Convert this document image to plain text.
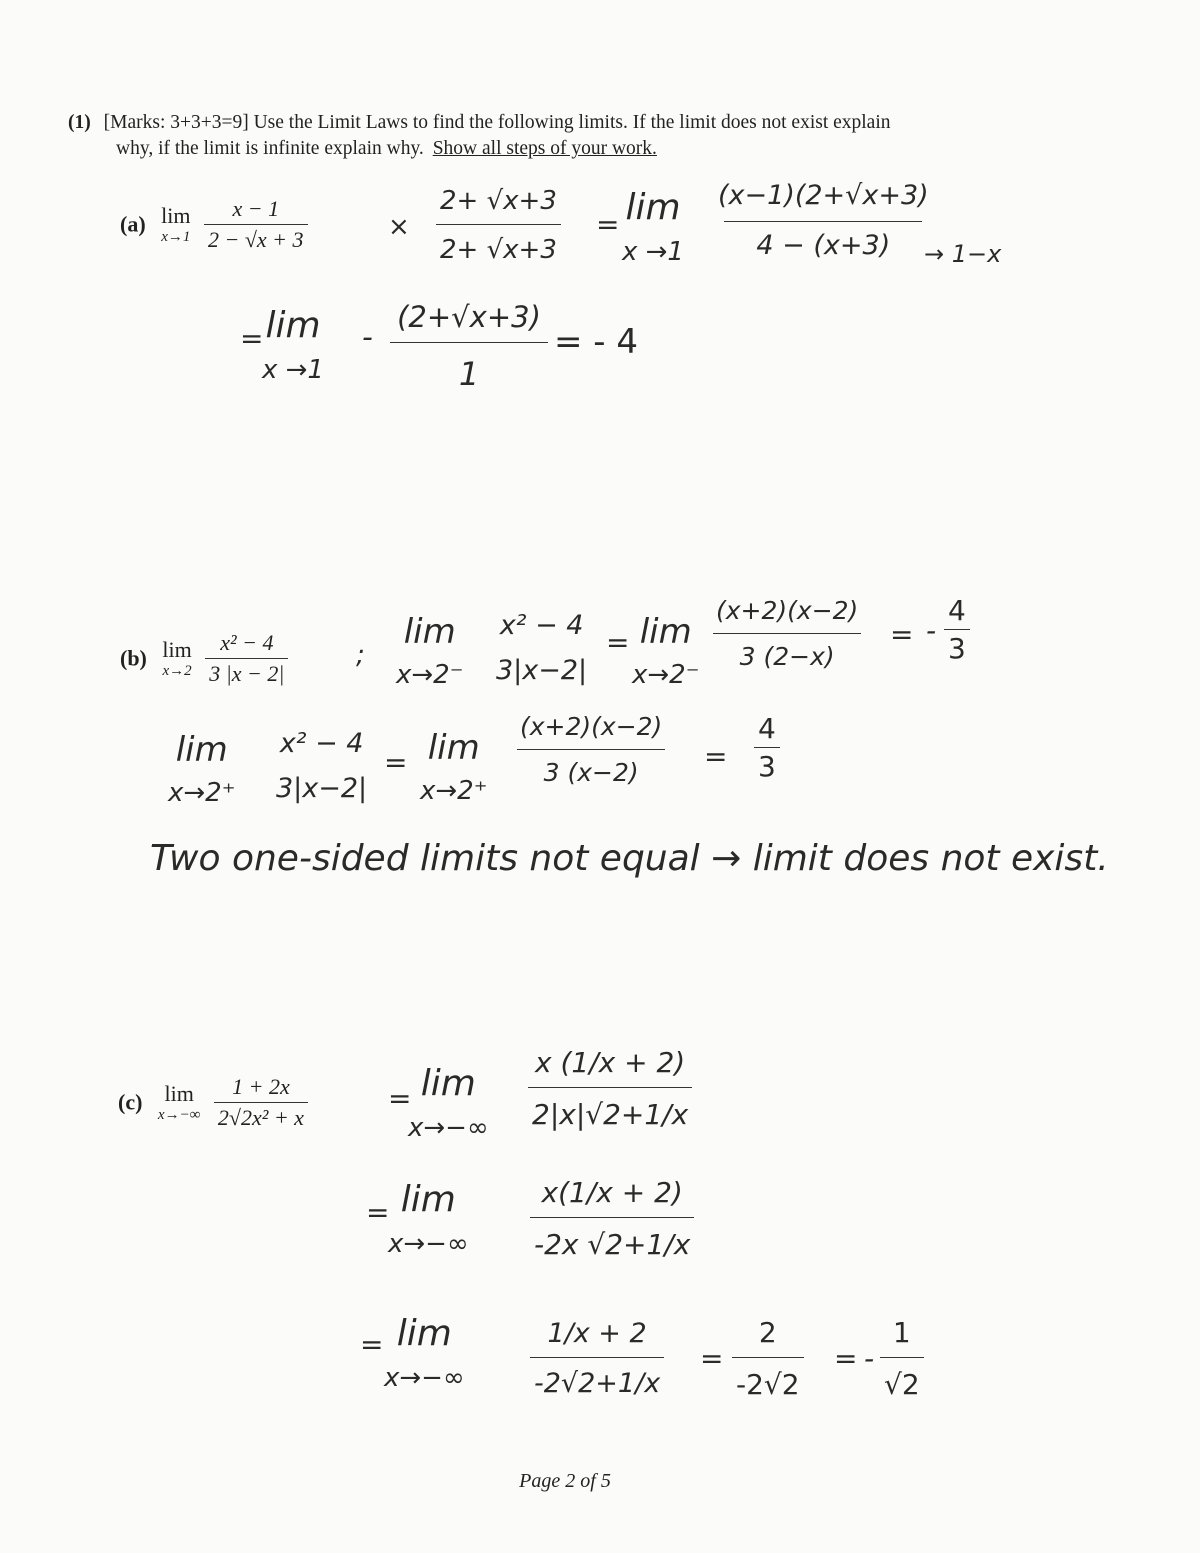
(1) [Marks: 3+3+3=9] Use the Limit Laws to find the following limits. If the limit does not exist explain
why, if the limit is infinite explain why. Show all steps of your work.
(a) lim
x→1
$\frac{x - 1}{2 - √x + 3}$	× $\frac{2+ √x+3}{2+ √x+3} = \lim$
$x \to 1 \frac{(x-1)(2+√x+3)}{4 - (x+3)}$
→ 1−x
= lim
x →1
- $\frac{(2+√x+3)}{1}$ = - 4
(b) lim
x→2
$\frac{\text{x² − 4}}{3 |x - 2|}$	;
lim
x→2⁻
x² − 4
3|x−2|
= lim
x→2⁻
$\frac{(x+2)(x-2)}{3 (2-x)}$ = - $\frac{4}{3}$
lim
x→2⁺
x² − 4
3|x−2|
= lim
x→2⁺
$\frac{(x+2)(x-2)}{3 (x-2)} = \frac{4}{3}$
Two one-sided limits not equal → limit does not exist.
(c) lim
x→−∞
$\frac{1 + 2x}{\text{2√2x² + x}}$	= lim
$x\to-\infty \frac{x (1/x + 2)}{2|x|√2+1/x}$
= lim
$x\to-\infty \frac{x(1/x + 2)}{-2x √2+1/x}$
= lim
$x\to-\infty \frac{1/x + 2}{-2√2+1/x} = \frac{2}{-2√2}$ = - $\frac{1}{√2}$
Page 2 of 5
